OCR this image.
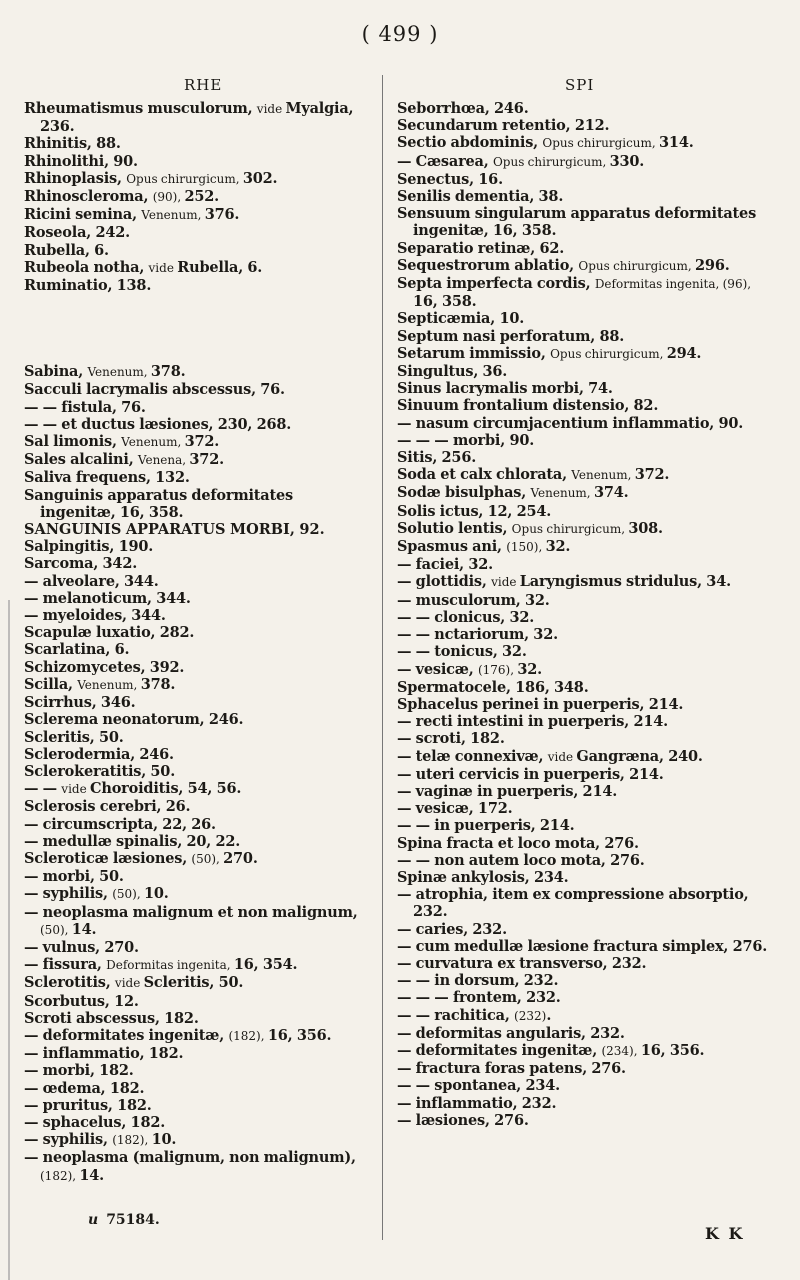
( 499 )
RHE	SPI
Rheumatismus musculorum, vide Myalgia, 236.
Rhinitis, 88.
Rhinolithi, 90.
Rhinoplasis, Opus chirurgicum, 302.
Rhinoscleroma, (90), 252.
Ricini semina, Venenum, 376.
Roseola, 242.
Rubella, 6.
Rubeola notha, vide Rubella, 6.
Ruminatio, 138.
Sabina, Venenum, 378.
Sacculi lacrymalis abscessus, 76.
— — fistula, 76.
— — et ductus læsiones, 230, 268.
Sal limonis, Venenum, 372.
Sales alcalini, Venena, 372.
Saliva frequens, 132.
Sanguinis apparatus deformitates ingenitæ, 16, 358.
SANGUINIS APPARATUS MORBI, 92.
Salpingitis, 190.
Sarcoma, 342.
— alveolare, 344.
— melanoticum, 344.
— myeloides, 344.
Scapulæ luxatio, 282.
Scarlatina, 6.
Schizomycetes, 392.
Scilla, Venenum, 378.
Scirrhus, 346.
Sclerema neonatorum, 246.
Scleritis, 50.
Sclerodermia, 246.
Sclerokeratitis, 50.
— — vide Choroiditis, 54, 56.
Sclerosis cerebri, 26.
— circumscripta, 22, 26.
— medullæ spinalis, 20, 22.
Scleroticæ læsiones, (50), 270.
— morbi, 50.
— syphilis, (50), 10.
— neoplasma malignum et non malignum, (50), 14.
— vulnus, 270.
— fissura, Deformitas ingenita, 16, 354.
Sclerotitis, vide Scleritis, 50.
Scorbutus, 12.
Scroti abscessus, 182.
— deformitates ingenitæ, (182), 16, 356.
— inflammatio, 182.
— morbi, 182.
— œdema, 182.
— pruritus, 182.
— sphacelus, 182.
— syphilis, (182), 10.
— neoplasma (malignum, non malignum), (182), 14.
Seborrhœa, 246.
Secundarum retentio, 212.
Sectio abdominis, Opus chirurgicum, 314.
— Cæsarea, Opus chirurgicum, 330.
Senectus, 16.
Senilis dementia, 38.
Sensuum singularum apparatus deformitates ingenitæ, 16, 358.
Separatio retinæ, 62.
Sequestrorum ablatio, Opus chirurgicum, 296.
Septa imperfecta cordis, Deformitas ingenita, (96), 16, 358.
Septicæmia, 10.
Septum nasi perforatum, 88.
Setarum immissio, Opus chirurgicum, 294.
Singultus, 36.
Sinus lacrymalis morbi, 74.
Sinuum frontalium distensio, 82.
— nasum circumjacentium inflammatio, 90.
— — — morbi, 90.
Sitis, 256.
Soda et calx chlorata, Venenum, 372.
Sodæ bisulphas, Venenum, 374.
Solis ictus, 12, 254.
Solutio lentis, Opus chirurgicum, 308.
Spasmus ani, (150), 32.
— faciei, 32.
— glottidis, vide Laryngismus stridulus, 34.
— musculorum, 32.
— — clonicus, 32.
— — nctariorum, 32.
— — tonicus, 32.
— vesicæ, (176), 32.
Spermatocele, 186, 348.
Sphacelus perinei in puerperis, 214.
— recti intestini in puerperis, 214.
— scroti, 182.
— telæ connexivæ, vide Gangræna, 240.
— uteri cervicis in puerperis, 214.
— vaginæ in puerperis, 214.
— vesicæ, 172.
— — in puerperis, 214.
Spina fracta et loco mota, 276.
— — non autem loco mota, 276.
Spinæ ankylosis, 234.
— atrophia, item ex compressione absorptio, 232.
— caries, 232.
— cum medullæ læsione fractura simplex, 276.
— curvatura ex transverso, 232.
— — in dorsum, 232.
— — — frontem, 232.
— — rachitica, (232).
— deformitas angularis, 232.
— deformitates ingenitæ, (234), 16, 356.
— fractura foras patens, 276.
— — spontanea, 234.
— inflammatio, 232.
— læsiones, 276.
u 75184.
K K
